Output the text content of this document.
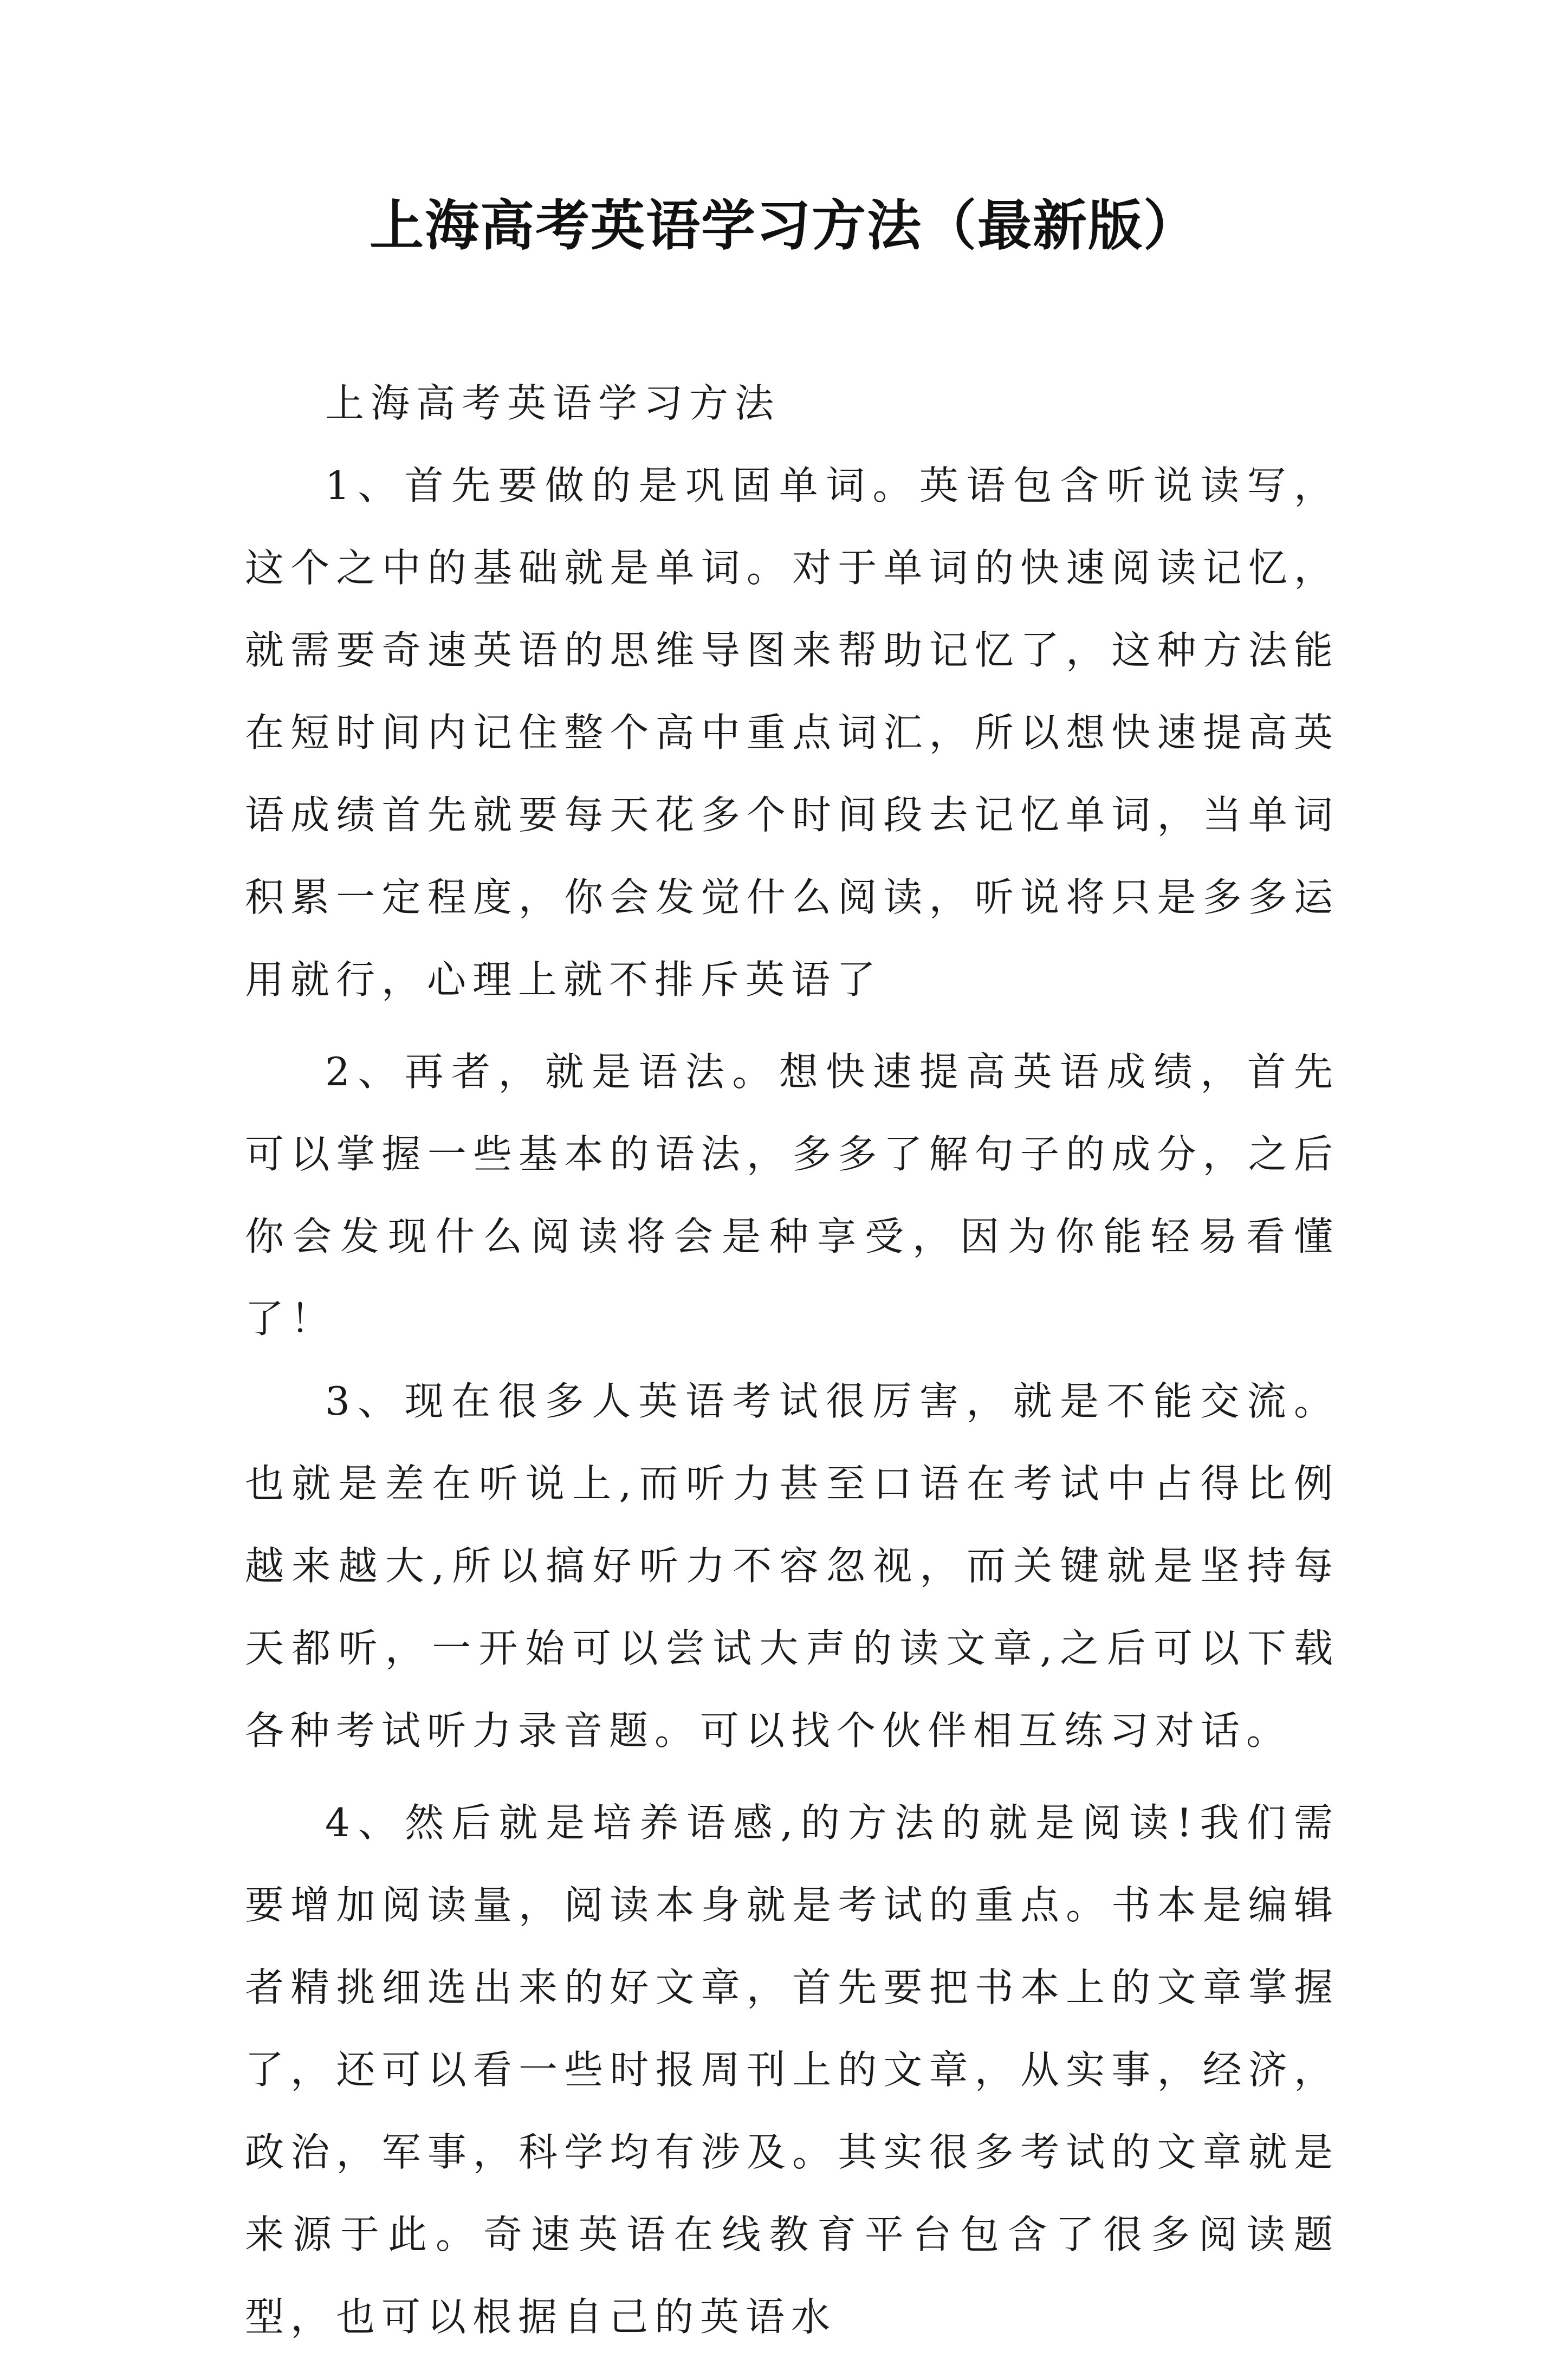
上海高考英语学习方法（最新版）

上海高考英语学习方法

1、首先要做的是巩固单词。英语包含听说读写，这个之中的基础就是单词。对于单词的快速阅读记忆，就需要奇速英语的思维导图来帮助记忆了，这种方法能在短时间内记住整个高中重点词汇，所以想快速提高英语成绩首先就要每天花多个时间段去记忆单词，当单词积累一定程度，你会发觉什么阅读，听说将只是多多运用就行，心理上就不排斥英语了

2、再者，就是语法。想快速提高英语成绩，首先可以掌握一些基本的语法，多多了解句子的成分，之后你会发现什么阅读将会是种享受，因为你能轻易看懂了！

3、现在很多人英语考试很厉害，就是不能交流。也就是差在听说上,而听力甚至口语在考试中占得比例越来越大,所以搞好听力不容忽视，而关键就是坚持每天都听，一开始可以尝试大声的读文章,之后可以下载各种考试听力录音题。可以找个伙伴相互练习对话。

4、然后就是培养语感,的方法的就是阅读!我们需要增加阅读量，阅读本身就是考试的重点。书本是编辑者精挑细选出来的好文章，首先要把书本上的文章掌握了，还可以看一些时报周刊上的文章，从实事，经济，政治，军事，科学均有涉及。其实很多考试的文章就是来源于此。奇速英语在线教育平台包含了很多阅读题型，也可以根据自己的英语水
